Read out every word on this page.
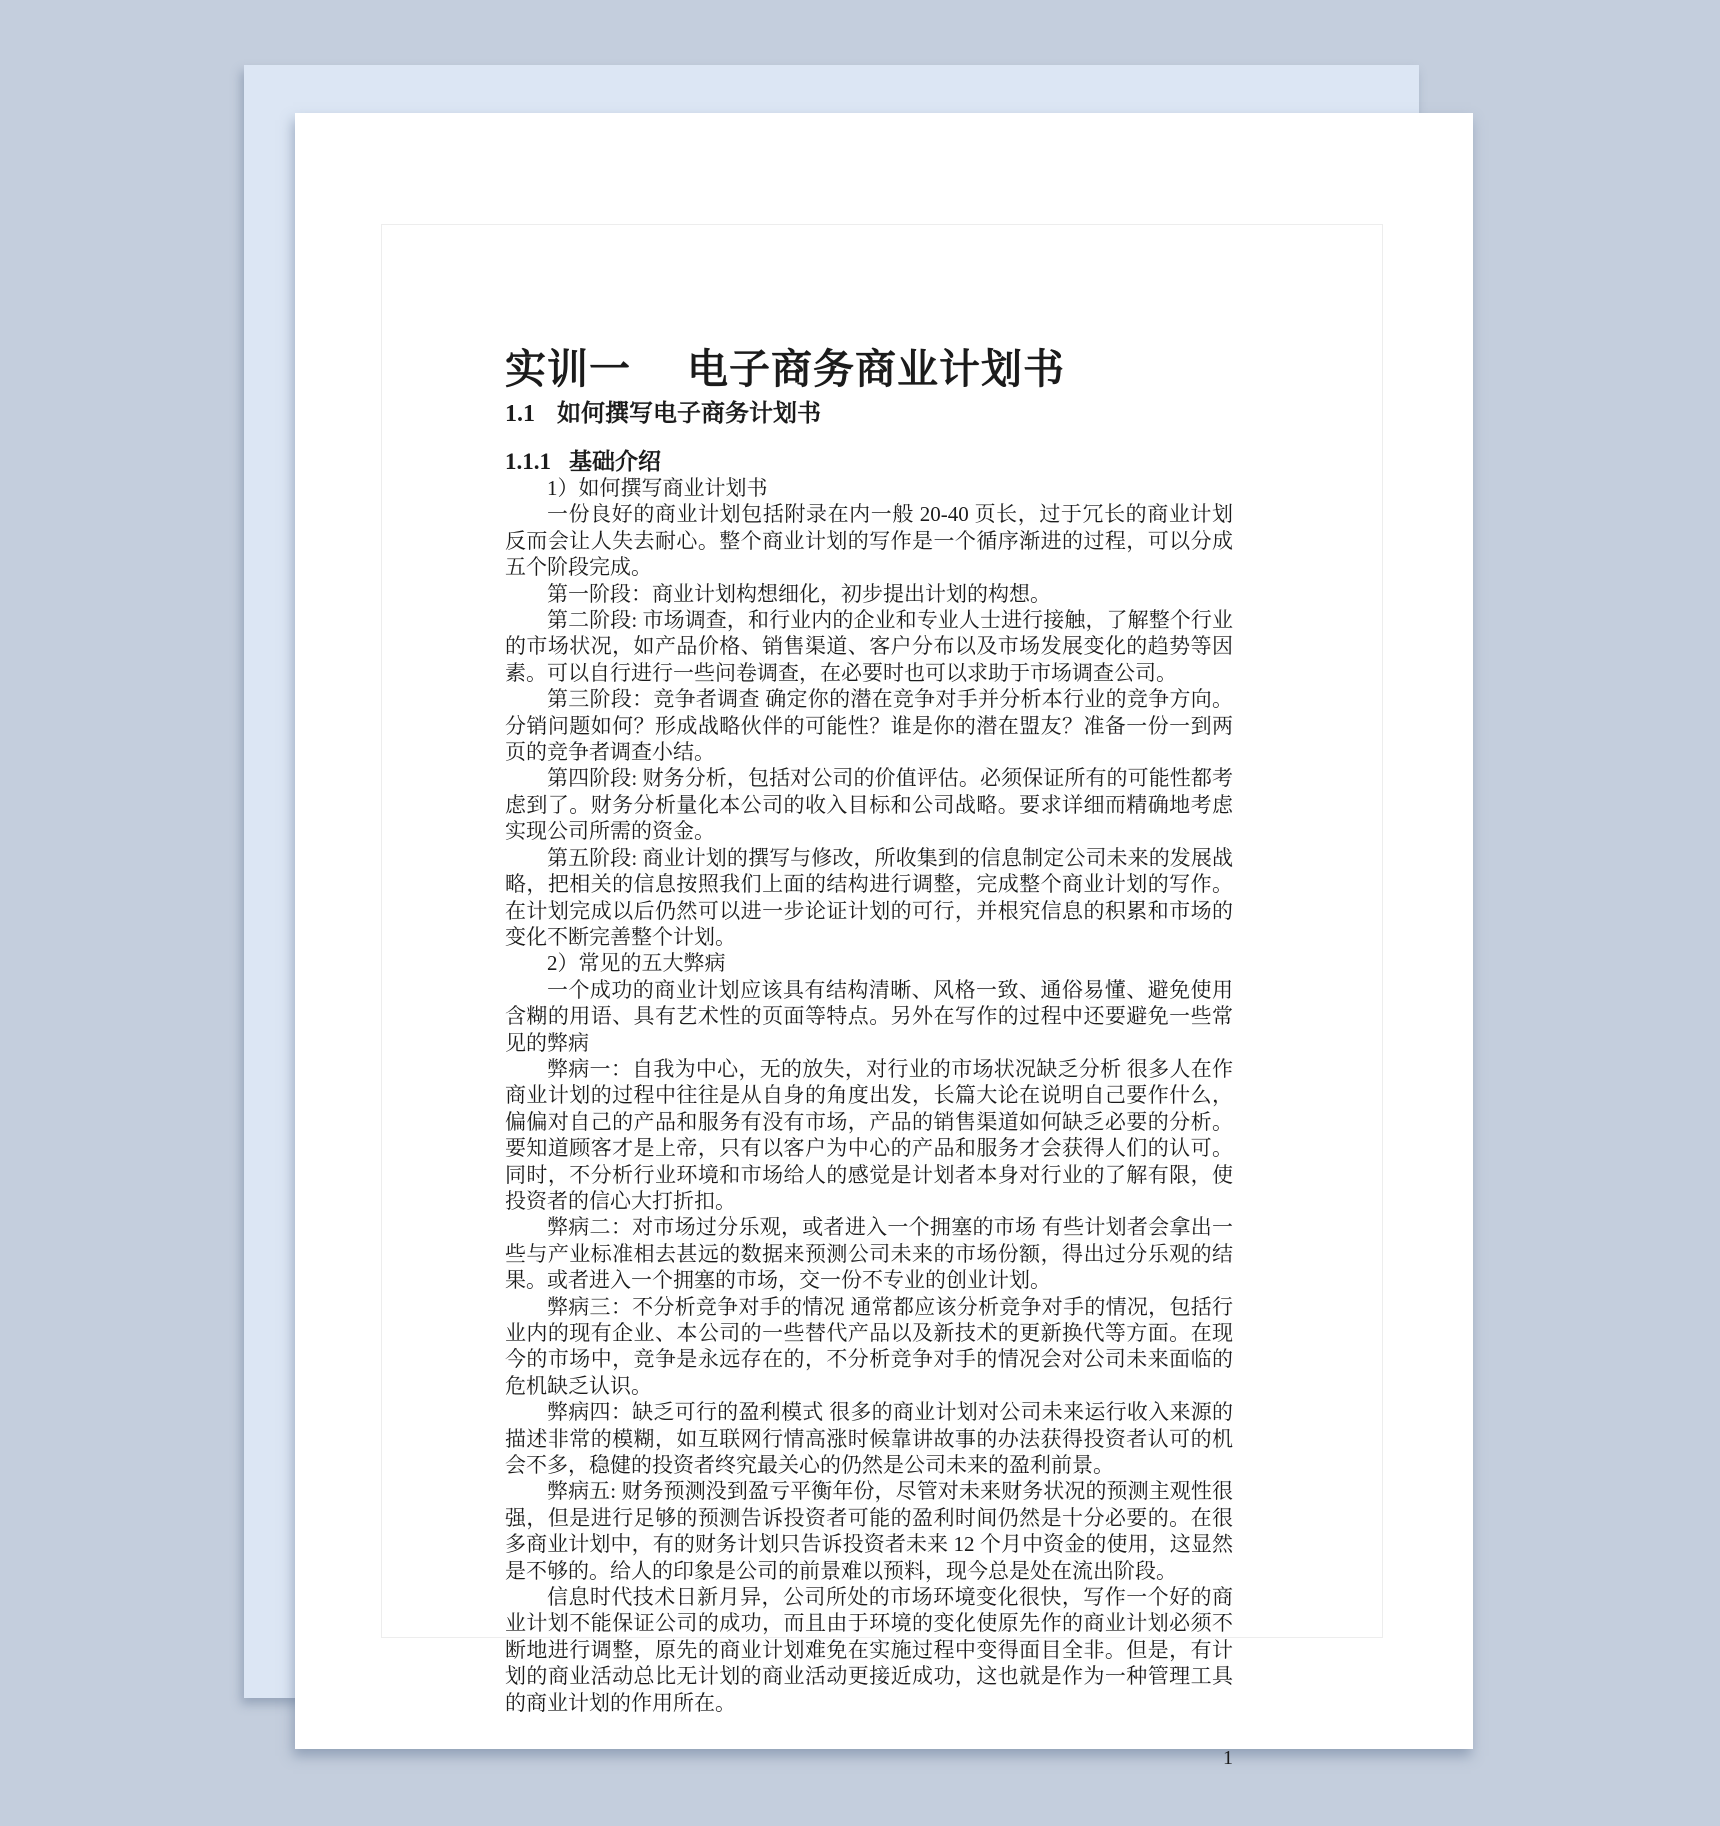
实训一 电子商务商业计划书
1.1 如何撰写电子商务计划书
1.1.1 基础介绍

1）如何撰写商业计划书

一份良好的商业计划包括附录在内一般 20-40 页长，过于冗长的商业计划反而会让人失去耐心。整个商业计划的写作是一个循序渐进的过程，可以分成五个阶段完成。

第一阶段：商业计划构想细化，初步提出计划的构想。

第二阶段: 市场调查，和行业内的企业和专业人士进行接触，了解整个行业的市场状况，如产品价格、销售渠道、客户分布以及市场发展变化的趋势等因素。可以自行进行一些问卷调查，在必要时也可以求助于市场调查公司。

第三阶段：竞争者调查 确定你的潜在竞争对手并分析本行业的竞争方向。分销问题如何？形成战略伙伴的可能性？谁是你的潜在盟友？准备一份一到两页的竞争者调查小结。

第四阶段: 财务分析，包括对公司的价值评估。必须保证所有的可能性都考虑到了。财务分析量化本公司的收入目标和公司战略。要求详细而精确地考虑实现公司所需的资金。

第五阶段: 商业计划的撰写与修改，所收集到的信息制定公司未来的发展战略，把相关的信息按照我们上面的结构进行调整，完成整个商业计划的写作。在计划完成以后仍然可以进一步论证计划的可行，并根究信息的积累和市场的变化不断完善整个计划。

2）常见的五大弊病

一个成功的商业计划应该具有结构清晰、风格一致、通俗易懂、避免使用含糊的用语、具有艺术性的页面等特点。另外在写作的过程中还要避免一些常见的弊病

弊病一：自我为中心，无的放失，对行业的市场状况缺乏分析 很多人在作商业计划的过程中往往是从自身的角度出发，长篇大论在说明自己要作什么，偏偏对自己的产品和服务有没有市场，产品的销售渠道如何缺乏必要的分析。要知道顾客才是上帝，只有以客户为中心的产品和服务才会获得人们的认可。同时，不分析行业环境和市场给人的感觉是计划者本身对行业的了解有限，使投资者的信心大打折扣。

弊病二：对市场过分乐观，或者进入一个拥塞的市场 有些计划者会拿出一些与产业标准相去甚远的数据来预测公司未来的市场份额，得出过分乐观的结果。或者进入一个拥塞的市场，交一份不专业的创业计划。

弊病三：不分析竞争对手的情况 通常都应该分析竞争对手的情况，包括行业内的现有企业、本公司的一些替代产品以及新技术的更新换代等方面。在现今的市场中，竞争是永远存在的，不分析竞争对手的情况会对公司未来面临的危机缺乏认识。

弊病四：缺乏可行的盈利模式 很多的商业计划对公司未来运行收入来源的描述非常的模糊，如互联网行情高涨时候靠讲故事的办法获得投资者认可的机会不多，稳健的投资者终究最关心的仍然是公司未来的盈利前景。

弊病五: 财务预测没到盈亏平衡年份，尽管对未来财务状况的预测主观性很强，但是进行足够的预测告诉投资者可能的盈利时间仍然是十分必要的。在很多商业计划中，有的财务计划只告诉投资者未来 12 个月中资金的使用，这显然是不够的。给人的印象是公司的前景难以预料，现今总是处在流出阶段。

信息时代技术日新月异，公司所处的市场环境变化很快，写作一个好的商业计划不能保证公司的成功，而且由于环境的变化使原先作的商业计划必须不断地进行调整，原先的商业计划难免在实施过程中变得面目全非。但是，有计划的商业活动总比无计划的商业活动更接近成功，这也就是作为一种管理工具的商业计划的作用所在。

1
